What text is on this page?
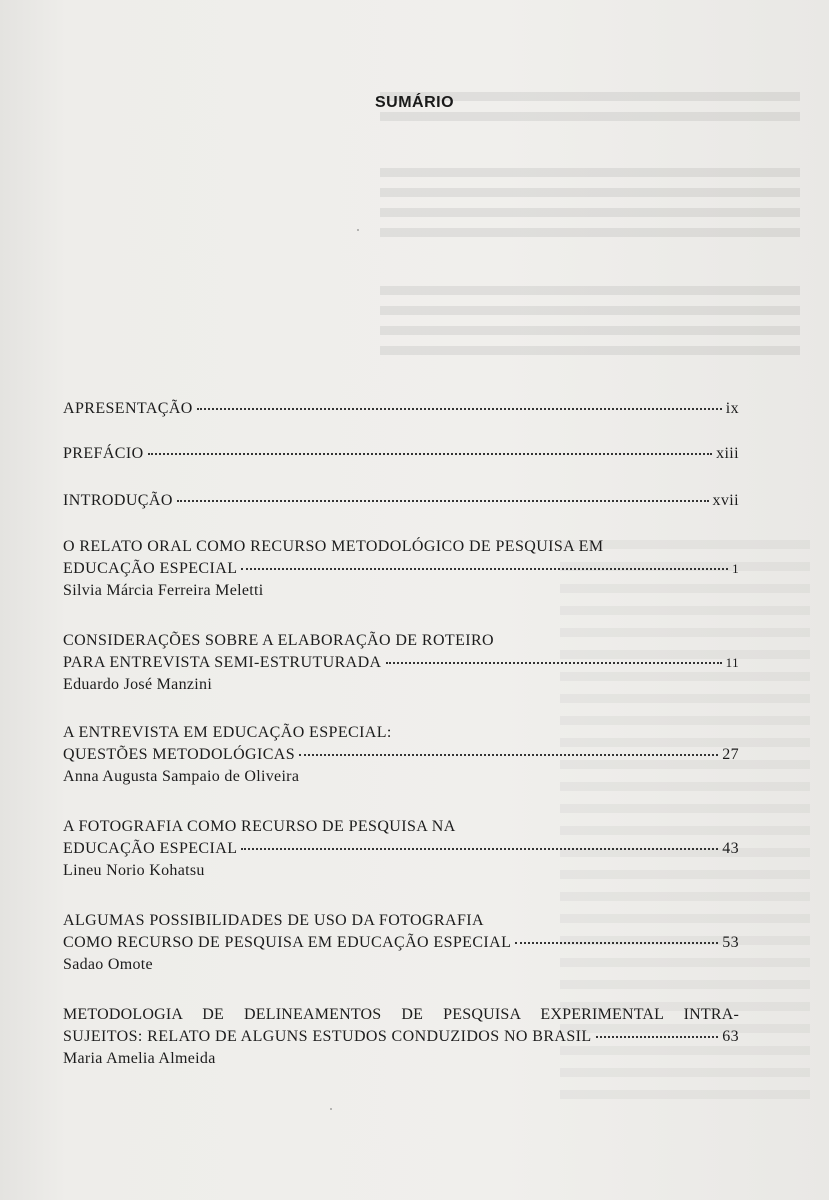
SUMÁRIO
APRESENTAÇÃO	ix
PREFÁCIO	xiii
INTRODUÇÃO	xvii
O RELATO ORAL COMO RECURSO METODOLÓGICO DE PESQUISA EM
EDUCAÇÃO ESPECIAL	1
Silvia Márcia Ferreira Meletti
CONSIDERAÇÕES SOBRE A ELABORAÇÃO DE ROTEIRO
PARA ENTREVISTA SEMI-ESTRUTURADA	11
Eduardo José Manzini
A ENTREVISTA EM EDUCAÇÃO ESPECIAL:
QUESTÕES METODOLÓGICAS	27
Anna Augusta Sampaio de Oliveira
A FOTOGRAFIA COMO RECURSO DE PESQUISA NA
EDUCAÇÃO ESPECIAL	43
Lineu Norio Kohatsu
ALGUMAS POSSIBILIDADES DE USO DA FOTOGRAFIA
COMO RECURSO DE PESQUISA EM EDUCAÇÃO ESPECIAL	53
Sadao Omote
METODOLOGIA DE DELINEAMENTOS DE PESQUISA EXPERIMENTAL INTRA-
SUJEITOS: RELATO DE ALGUNS ESTUDOS CONDUZIDOS NO BRASIL	63
Maria Amelia Almeida
